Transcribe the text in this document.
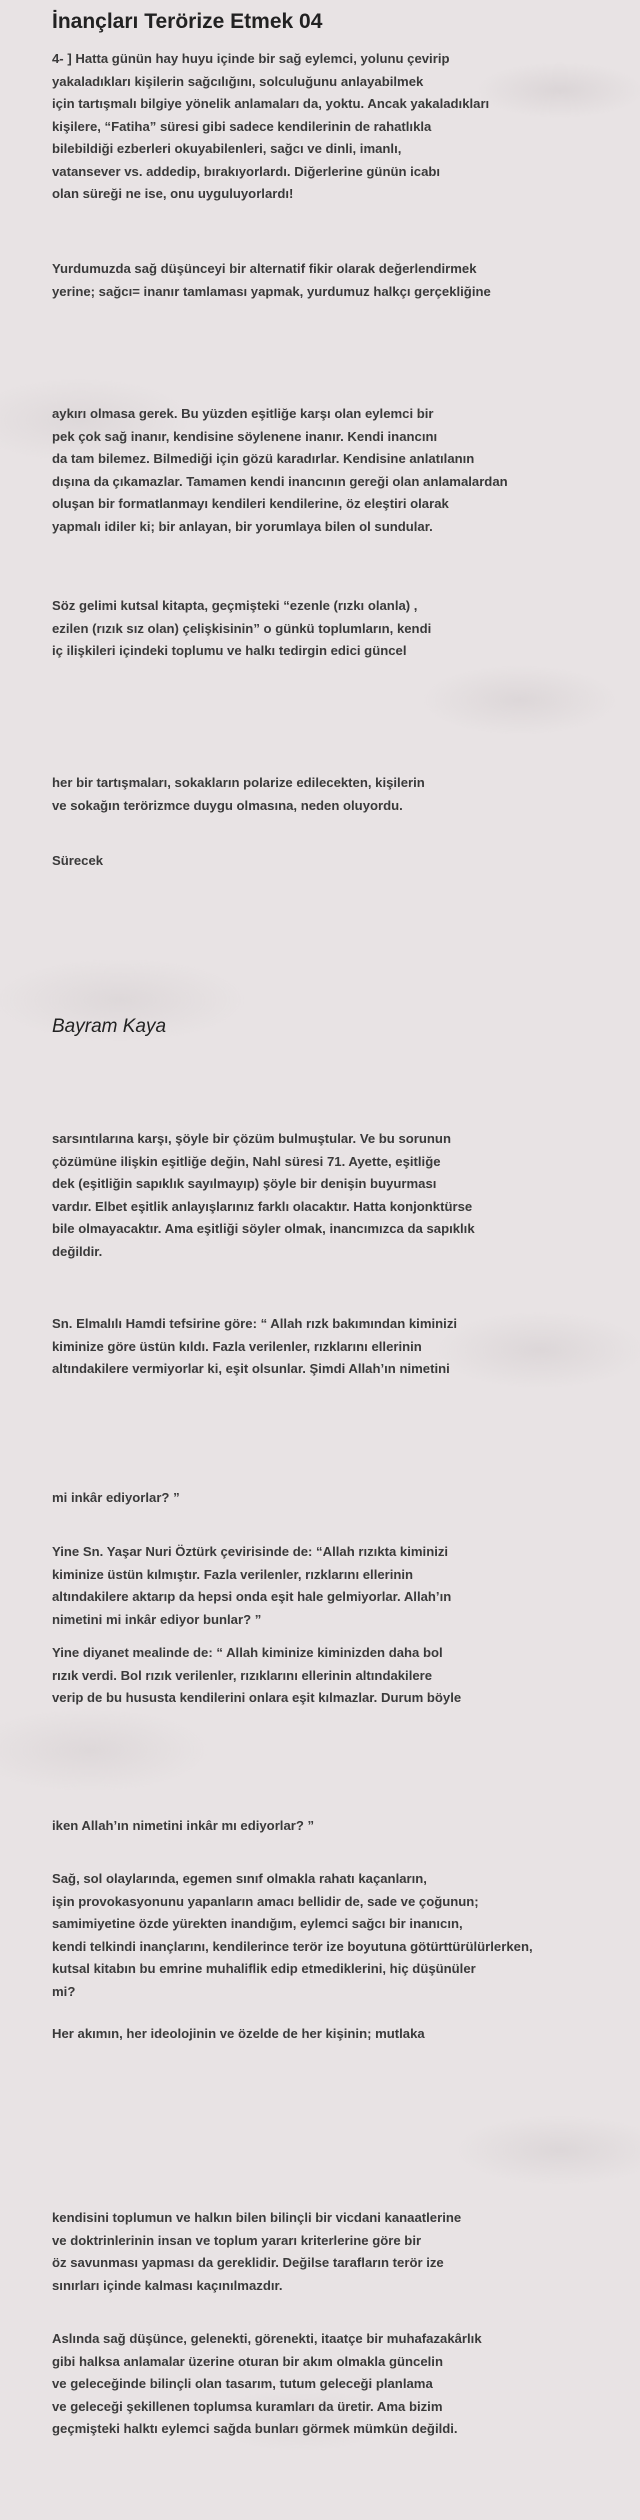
İnançları Terörize Etmek 04
4- ] Hatta günün hay huyu içinde bir sağ eylemci, yolunu çevirip
yakaladıkları kişilerin sağcılığını, solculuğunu anlayabilmek
için tartışmalı bilgiye yönelik anlamaları da, yoktu. Ancak yakaladıkları
kişilere, “Fatiha” süresi gibi sadece kendilerinin de rahatlıkla
bilebildiği ezberleri okuyabilenleri, sağcı ve dinli, imanlı,
vatansever vs. addedip, bırakıyorlardı. Diğerlerine günün icabı
olan süreği ne ise, onu uyguluyorlardı!
Yurdumuzda sağ düşünceyi bir alternatif fikir olarak değerlendirmek
yerine; sağcı= inanır tamlaması yapmak, yurdumuz halkçı gerçekliğine
aykırı olmasa gerek. Bu yüzden eşitliğe karşı olan eylemci bir
pek çok sağ inanır, kendisine söylenene inanır. Kendi inancını
da tam bilemez. Bilmediği için gözü karadırlar. Kendisine anlatılanın
dışına da çıkamazlar. Tamamen kendi inancının gereği olan anlamalardan
oluşan bir formatlanmayı kendileri kendilerine, öz eleştiri olarak
yapmalı idiler ki; bir anlayan, bir yorumlaya bilen ol sundular.
Söz gelimi kutsal kitapta, geçmişteki “ezenle (rızkı olanla) ,
ezilen (rızık sız olan) çelişkisinin” o günkü toplumların, kendi
iç ilişkileri içindeki toplumu ve halkı tedirgin edici güncel
her bir tartışmaları, sokakların polarize edilecekten, kişilerin
ve sokağın terörizmce duygu olmasına, neden oluyordu.
Sürecek

Bayram Kaya

sarsıntılarına karşı, şöyle bir çözüm bulmuştular. Ve bu sorunun
çözümüne ilişkin eşitliğe değin, Nahl süresi 71. Ayette, eşitliğe
dek (eşitliğin sapıklık sayılmayıp) şöyle bir denişin buyurması
vardır. Elbet eşitlik anlayışlarınız farklı olacaktır. Hatta konjonktürse
bile olmayacaktır. Ama eşitliği söyler olmak, inancımızca da sapıklık
değildir.
Sn. Elmalılı Hamdi tefsirine göre: “ Allah rızk bakımından kiminizi
kiminize göre üstün kıldı. Fazla verilenler, rızklarını ellerinin
altındakilere vermiyorlar ki, eşit olsunlar. Şimdi Allah’ın nimetini
mi inkâr ediyorlar? ”
Yine Sn. Yaşar Nuri Öztürk çevirisinde de: “Allah rızıkta kiminizi
kiminize üstün kılmıştır. Fazla verilenler, rızklarını ellerinin
altındakilere aktarıp da hepsi onda eşit hale gelmiyorlar. Allah’ın
nimetini mi inkâr ediyor bunlar? ”
Yine diyanet mealinde de: “ Allah kiminize kiminizden daha bol
rızık verdi. Bol rızık verilenler, rızıklarını ellerinin altındakilere
verip de bu hususta kendilerini onlara eşit kılmazlar. Durum böyle
iken Allah’ın nimetini inkâr mı ediyorlar? ”
Sağ, sol olaylarında, egemen sınıf olmakla rahatı kaçanların,
işin provokasyonunu yapanların amacı bellidir de, sade ve çoğunun;
samimiyetine özde yürekten inandığım, eylemci sağcı bir inanıcın,
kendi telkindi inançlarını, kendilerince terör ize boyutuna götürttürülürlerken,
kutsal kitabın bu emrine muhaliflik edip etmediklerini, hiç düşünüler
mi?
Her akımın, her ideolojinin ve özelde de her kişinin; mutlaka
kendisini toplumun ve halkın bilen bilinçli bir vicdani kanaatlerine
ve doktrinlerinin insan ve toplum yararı kriterlerine göre bir
öz savunması yapması da gereklidir. Değilse tarafların terör ize
sınırları içinde kalması kaçınılmazdır.
Aslında sağ düşünce, gelenekti, görenekti, itaatçe bir muhafazakârlık
gibi halksa anlamalar üzerine oturan bir akım olmakla güncelin
ve geleceğinde bilinçli olan tasarım, tutum geleceği planlama
ve geleceği şekillenen toplumsa kuramları da üretir. Ama bizim
geçmişteki halktı eylemci sağda bunları görmek mümkün değildi.
